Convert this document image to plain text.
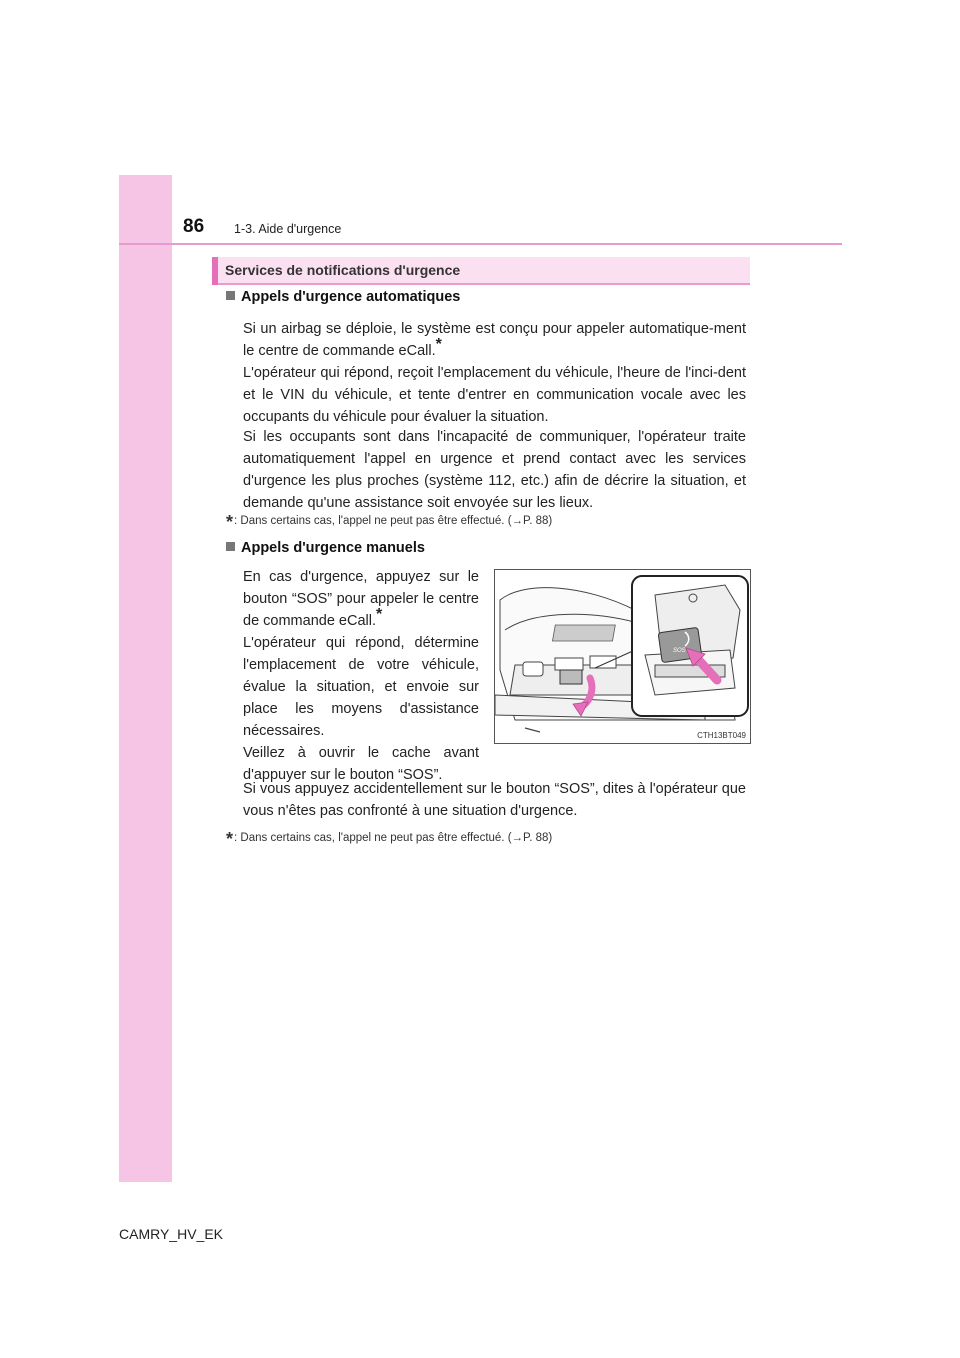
86 1-3. Aide d'urgence
Services de notifications d'urgence
Appels d'urgence automatiques
Si un airbag se déploie, le système est conçu pour appeler automatique-ment le centre de commande eCall.*
L'opérateur qui répond, reçoit l'emplacement du véhicule, l'heure de l'inci-dent et le VIN du véhicule, et tente d'entrer en communication vocale avec les occupants du véhicule pour évaluer la situation.
Si les occupants sont dans l'incapacité de communiquer, l'opérateur traite automatiquement l'appel en urgence et prend contact avec les services d'urgence les plus proches (système 112, etc.) afin de décrire la situation, et demande qu'une assistance soit envoyée sur les lieux.
*: Dans certains cas, l'appel ne peut pas être effectué. (→P. 88)
Appels d'urgence manuels
En cas d'urgence, appuyez sur le bouton “SOS” pour appeler le centre de commande eCall.*
L'opérateur qui répond, détermine l'emplacement de votre véhicule, évalue la situation, et envoie sur place les moyens d'assistance nécessaires.
Veillez à ouvrir le cache avant d'appuyer sur le bouton “SOS”.
SOS
CTH13BT049
Si vous appuyez accidentellement sur le bouton “SOS”, dites à l'opérateur que vous n'êtes pas confronté à une situation d'urgence.
*: Dans certains cas, l'appel ne peut pas être effectué. (→P. 88)
CAMRY_HV_EK
